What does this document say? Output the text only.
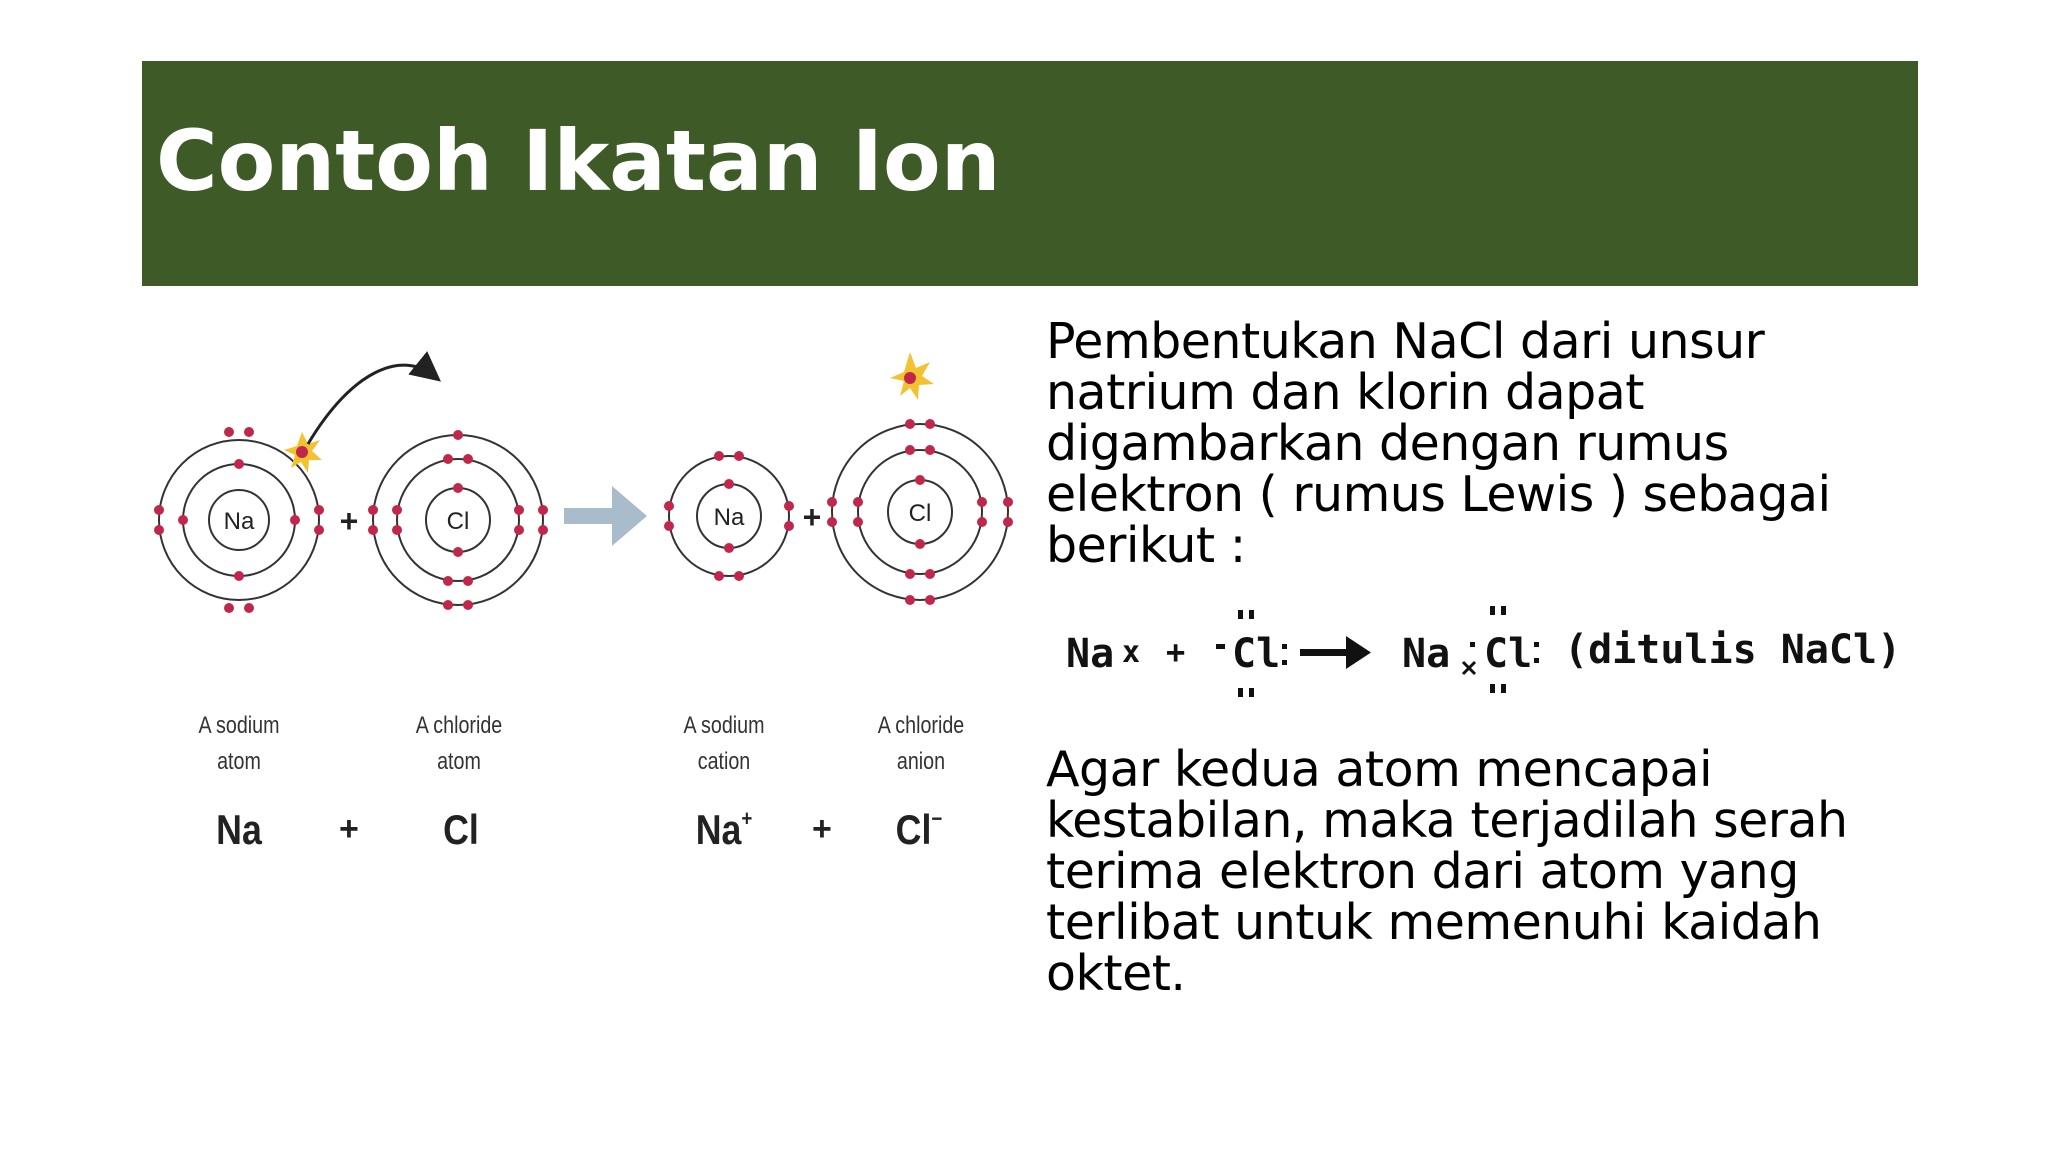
Contoh Ikatan Ion
Na	+	Cl	Na +	Cl
A sodium
atom
A chloride
atom
A sodium
cation
A chloride
anion
Na	+	Cl	Na+	+	Cl−

Pembentukan NaCl dari unsur natrium dan klorin dapat digambarkan dengan rumus elektron ( rumus Lewis ) sebagai berikut :

Na x + Cl	Na Cl (ditulis NaCl)

Agar kedua atom mencapai kestabilan, maka terjadilah serah terima elektron dari atom yang terlibat untuk memenuhi kaidah oktet.
